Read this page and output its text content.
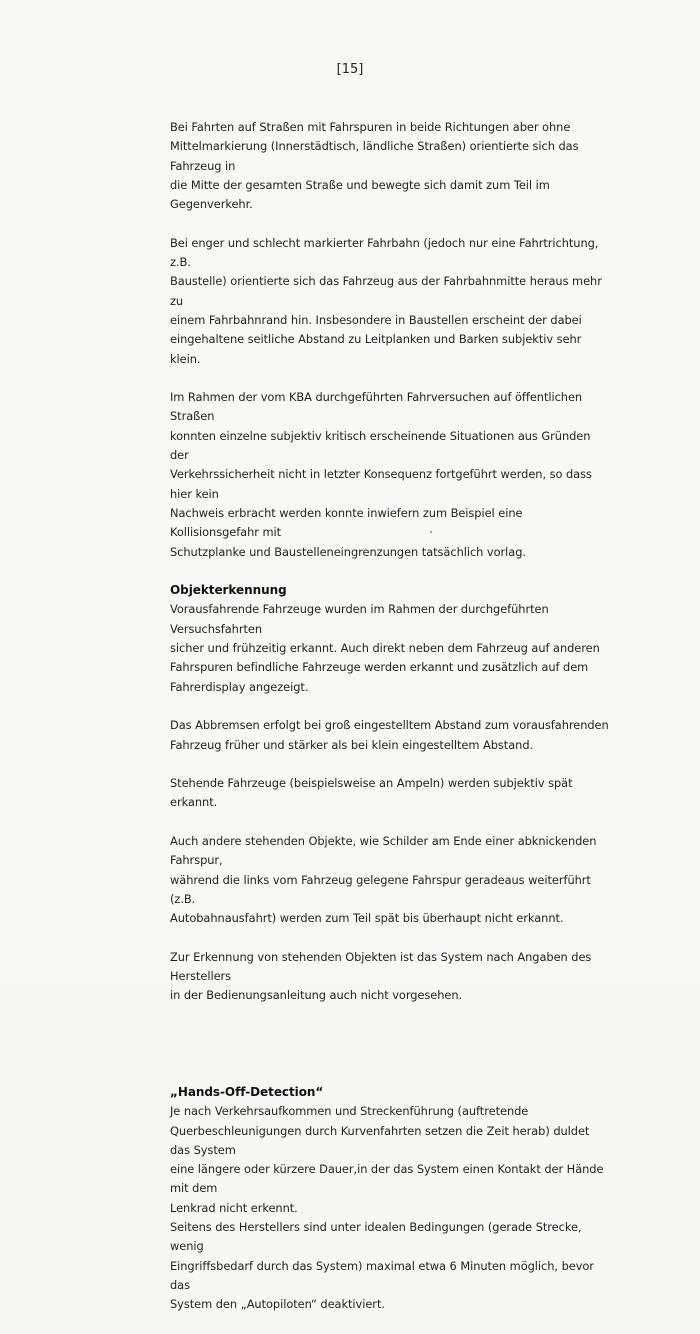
[15]

Bei Fahrten auf Straßen mit Fahrspuren in beide Richtungen aber ohne
Mittelmarkierung (Innerstädtisch, ländliche Straßen) orientierte sich das Fahrzeug in
die Mitte der gesamten Straße und bewegte sich damit zum Teil im Gegenverkehr.

Bei enger und schlecht markierter Fahrbahn (jedoch nur eine Fahrtrichtung, z.B.
Baustelle) orientierte sich das Fahrzeug aus der Fahrbahnmitte heraus mehr zu
einem Fahrbahnrand hin. Insbesondere in Baustellen erscheint der dabei
eingehaltene seitliche Abstand zu Leitplanken und Barken subjektiv sehr klein.

Im Rahmen der vom KBA durchgeführten Fahrversuchen auf öffentlichen Straßen
konnten einzelne subjektiv kritisch erscheinende Situationen aus Gründen der
Verkehrssicherheit nicht in letzter Konsequenz fortgeführt werden, so dass hier kein
Nachweis erbracht werden konnte inwiefern zum Beispiel eine Kollisionsgefahr mit
Schutzplanke und Baustelleneingrenzungen tatsächlich vorlag.

Objekterkennung

Vorausfahrende Fahrzeuge wurden im Rahmen der durchgeführten Versuchsfahrten
sicher und frühzeitig erkannt. Auch direkt neben dem Fahrzeug auf anderen
Fahrspuren befindliche Fahrzeuge werden erkannt und zusätzlich auf dem
Fahrerdisplay angezeigt.

Das Abbremsen erfolgt bei groß eingestelltem Abstand zum vorausfahrenden
Fahrzeug früher und stärker als bei klein eingestelltem Abstand.

Stehende Fahrzeuge (beispielsweise an Ampeln) werden subjektiv spät erkannt.

Auch andere stehenden Objekte, wie Schilder am Ende einer abknickenden Fahrspur,
während die links vom Fahrzeug gelegene Fahrspur geradeaus weiterführt (z.B.
Autobahnausfahrt) werden zum Teil spät bis überhaupt nicht erkannt.

Zur Erkennung von stehenden Objekten ist das System nach Angaben des Herstellers
in der Bedienungsanleitung auch nicht vorgesehen.

„Hands-Off-Detection“

Je nach Verkehrsaufkommen und Streckenführung (auftretende
Querbeschleunigungen durch Kurvenfahrten setzen die Zeit herab) duldet das System
eine längere oder kürzere Dauer,in der das System einen Kontakt der Hände mit dem
Lenkrad nicht erkennt.
Seitens des Herstellers sind unter idealen Bedingungen (gerade Strecke, wenig
Eingriffsbedarf durch das System) maximal etwa 6 Minuten möglich, bevor das
System den „Autopiloten“ deaktiviert.
